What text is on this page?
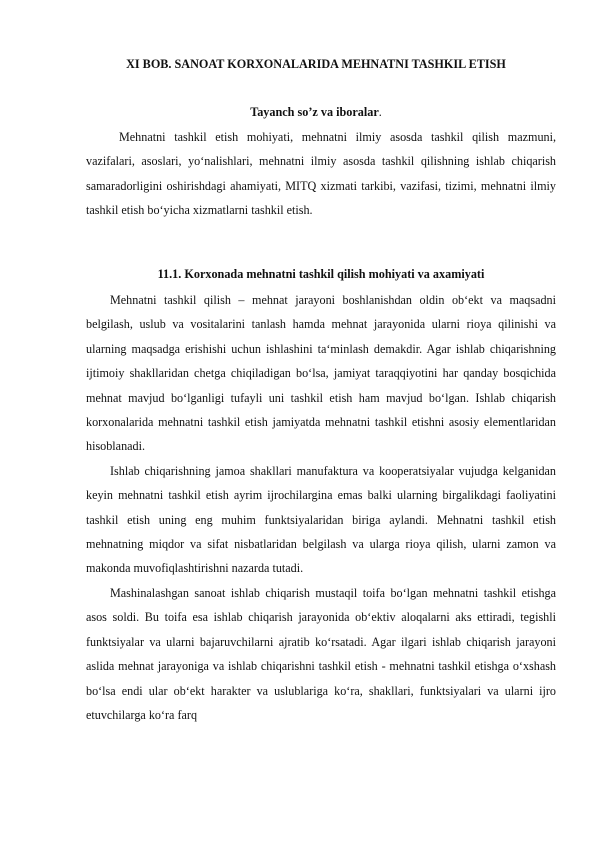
XI BOB. SANOAT KORXONALARIDA MEHNATNI TASHKIL ETISH
Tayanch so’z va iboralar.

Mehnatni tashkil etish mohiyati, mehnatni ilmiy asosda tashkil qilish mazmuni, vazifalari, asoslari, yo‘nalishlari, mehnatni ilmiy asosda tashkil qilishning ishlab chiqarish samaradorligini oshirishdagi ahamiyati, MITQ xizmati tarkibi, vazifasi, tizimi, mehnatni ilmiy tashkil etish bo‘yicha xizmatlarni tashkil etish.

11.1. Korxonada mehnatni tashkil qilish mohiyati va axamiyati

Mehnatni tashkil qilish – mehnat jarayoni boshlanishdan oldin ob‘ekt va maqsadni belgilash, uslub va vositalarini tanlash hamda mehnat jarayonida ularni rioya qilinishi va ularning maqsadga erishishi uchun ishlashini ta‘minlash demakdir. Agar ishlab chiqarishning ijtimoiy shakllaridan chetga chiqiladigan bo‘lsa, jamiyat taraqqiyotini har qanday bosqichida mehnat mavjud bo‘lganligi tufayli uni tashkil etish ham mavjud bo‘lgan. Ishlab chiqarish korxonalarida mehnatni tashkil etish jamiyatda mehnatni tashkil etishni asosiy elementlaridan hisoblanadi.

Ishlab chiqarishning jamoa shakllari manufaktura va kooperatsiyalar vujudga kelganidan keyin mehnatni tashkil etish ayrim ijrochilargina emas balki ularning birgalikdagi faoliyatini tashkil etish uning eng muhim funktsiyalaridan biriga aylandi. Mehnatni tashkil etish mehnatning miqdor va sifat nisbatlaridan belgilash va ularga rioya qilish, ularni zamon va makonda muvofiqlashtirishni nazarda tutadi.

Mashinalashgan sanoat ishlab chiqarish mustaqil toifa bo‘lgan mehnatni tashkil etishga asos soldi. Bu toifa esa ishlab chiqarish jarayonida ob‘ektiv aloqalarni aks ettiradi, tegishli funktsiyalar va ularni bajaruvchilarni ajratib ko‘rsatadi. Agar ilgari ishlab chiqarish jarayoni aslida mehnat jarayoniga va ishlab chiqarishni tashkil etish - mehnatni tashkil etishga o‘xshash bo‘lsa endi ular ob‘ekt harakter va uslublariga ko‘ra, shakllari, funktsiyalari va ularni ijro etuvchilarga ko‘ra farq
